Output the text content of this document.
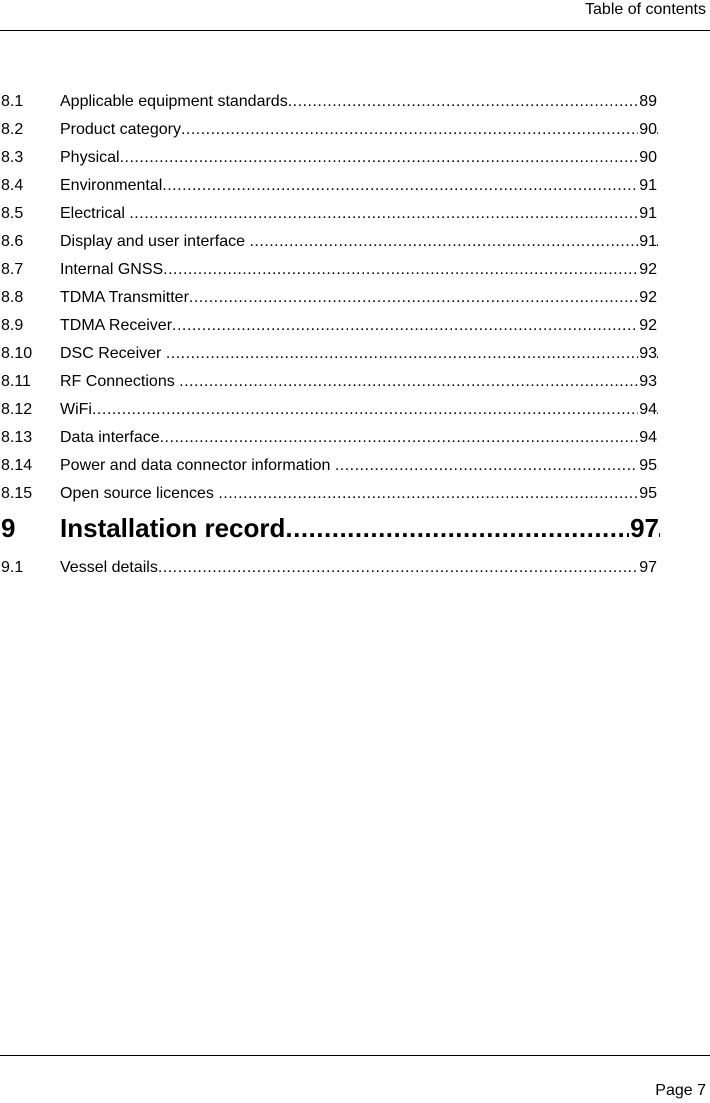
Table of contents
8.1 Applicable equipment standards .....	89
8.2 Product category .....	90
8.3 Physical .....	90
8.4 Environmental .....	91
8.5 Electrical .....	91
8.6 Display and user interface .....	91
8.7 Internal GNSS .....	92
8.8 TDMA Transmitter .....	92
8.9 TDMA Receiver .....	92
8.10 DSC Receiver .....	93
8.11 RF Connections .....	93
8.12 WiFi .....	94
8.13 Data interface .....	94
8.14 Power and data connector information .....	95
8.15 Open source licences .....	95
9 Installation record .....	97
9.1 Vessel details .....	97
Page 7
